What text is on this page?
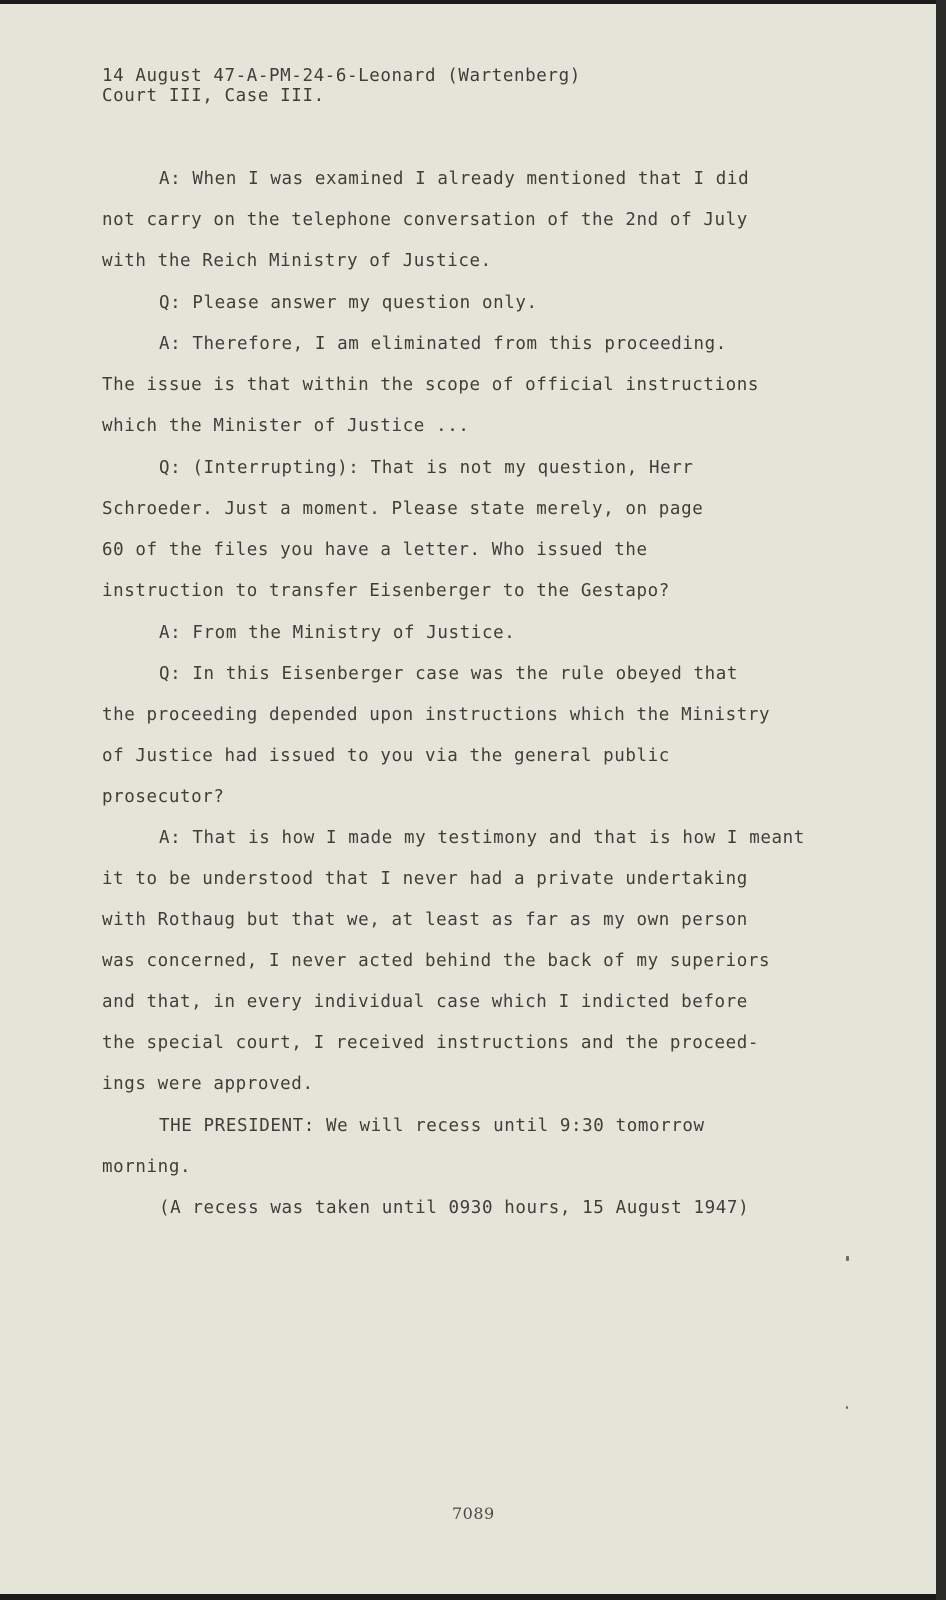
14 August 47-A-PM-24-6-Leonard (Wartenberg)
Court III, Case III.
A: When I was examined I already mentioned that I did
not carry on the telephone conversation of the 2nd of July
with the Reich Ministry of Justice.
Q: Please answer my question only.
A: Therefore, I am eliminated from this proceeding.
The issue is that within the scope of official instructions
which the Minister of Justice ...
Q: (Interrupting): That is not my question, Herr
Schroeder. Just a moment. Please state merely, on page
60 of the files you have a letter. Who issued the
instruction to transfer Eisenberger to the Gestapo?
A: From the Ministry of Justice.
Q: In this Eisenberger case was the rule obeyed that
the proceeding depended upon instructions which the Ministry
of Justice had issued to you via the general public
prosecutor?
A: That is how I made my testimony and that is how I meant
it to be understood that I never had a private undertaking
with Rothaug but that we, at least as far as my own person
was concerned, I never acted behind the back of my superiors
and that, in every individual case which I indicted before
the special court, I received instructions and the proceed-
ings were approved.
THE PRESIDENT: We will recess until 9:30 tomorrow
morning.
(A recess was taken until 0930 hours, 15 August 1947)
7089
